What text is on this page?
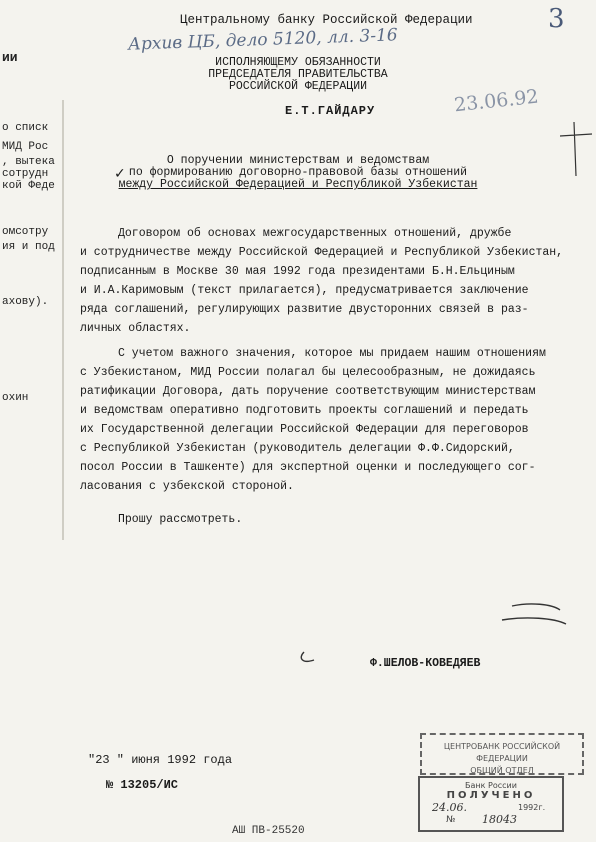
ии
о списк
МИД Рос
, вытека
сотрудн
кой Феде
омсотру
ия и под
ахову).
охин
Центральному банку Российской Федерации	3
Архив ЦБ, дело 5120, лл. 3-16
23.06.92
ИСПОЛНЯЮЩЕМУ ОБЯЗАННОСТИ
ПРЕДСЕДАТЕЛЯ ПРАВИТЕЛЬСТВА
РОССИЙСКОЙ ФЕДЕРАЦИИ
Е.Т.ГАЙДАРУ
О поручении министерствам и ведомствам
по формированию договорно-правовой базы отношений
между Российской Федерацией и Республикой Узбекистан
✓

Договором об основах межгосударственных отношений, дружбе

и сотрудничестве между Российской Федерацией и Республикой Узбекистан,

подписанным в Москве 30 мая 1992 года президентами Б.Н.Ельциным

и И.А.Каримовым (текст прилагается), предусматривается заключение

ряда соглашений, регулирующих развитие двусторонних связей в раз-

личных областях.

С учетом важного значения, которое мы придаем нашим отношениям

с Узбекистаном, МИД России полагал бы целесообразным, не дожидаясь

ратификации Договора, дать поручение соответствующим министерствам

и ведомствам оперативно подготовить проекты соглашений и передать

их Государственной делегации Российской Федерации для переговоров

с Республикой Узбекистан (руководитель делегации Ф.Ф.Сидорский,

посол России в Ташкенте) для экспертной оценки и последующего сог-

ласования с узбекской стороной.

Прошу рассмотреть.

Ф.ШЕЛОВ-КОВЕДЯЕВ
"23 " июня 1992 года
№ 13205/ИС
АШ ПВ-25520
ЦЕНТРОБАНК РОССИЙСКОЙ ФЕДЕРАЦИИ
ОБЩИЙ ОТДЕЛ
Банк России
ПОЛУЧЕНО
24.06.	1992г.
№ 18043
